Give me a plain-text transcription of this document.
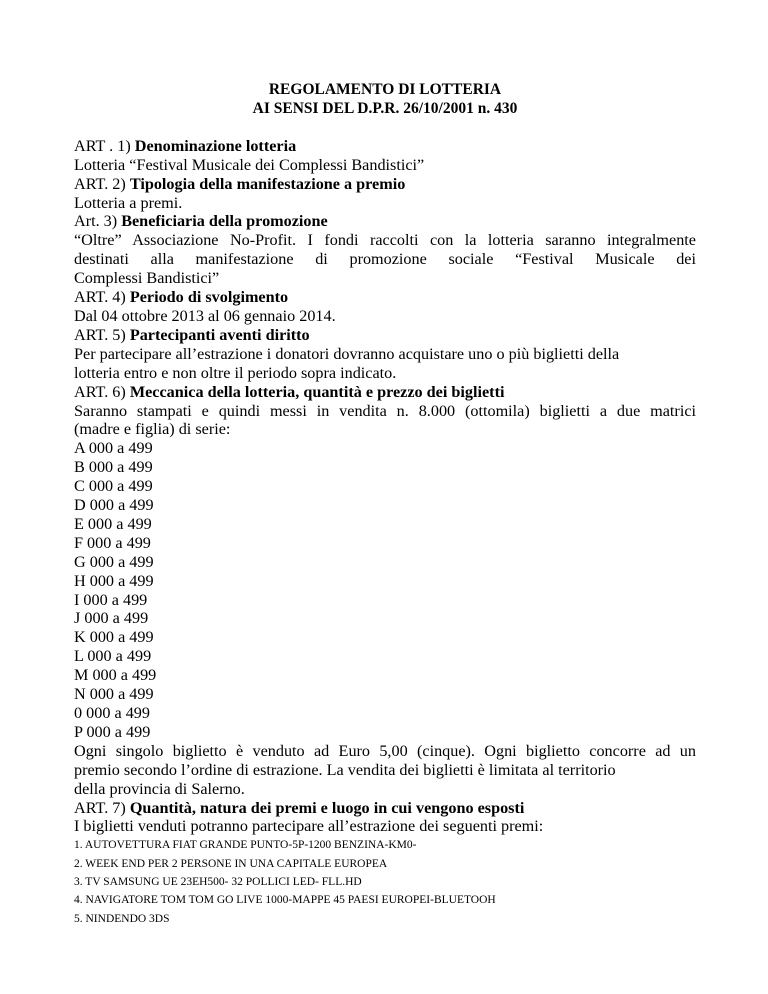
REGOLAMENTO DI LOTTERIA
AI SENSI DEL D.P.R. 26/10/2001 n. 430
ART . 1) Denominazione lotteria
Lotteria “Festival Musicale dei Complessi Bandistici”
ART. 2) Tipologia della manifestazione a premio
Lotteria a premi.
Art. 3) Beneficiaria della promozione
“Oltre” Associazione No-Profit. I fondi raccolti con la lotteria saranno integralmente
destinati alla manifestazione di promozione sociale “Festival Musicale dei
Complessi Bandistici”
ART. 4) Periodo di svolgimento
Dal 04 ottobre 2013 al 06 gennaio 2014.
ART. 5) Partecipanti aventi diritto
Per partecipare all’estrazione i donatori dovranno acquistare uno o più biglietti della
lotteria entro e non oltre il periodo sopra indicato.
ART. 6) Meccanica della lotteria, quantità e prezzo dei biglietti
Saranno stampati e quindi messi in vendita n. 8.000 (ottomila) biglietti a due matrici
(madre e figlia) di serie:
A 000 a 499
B 000 a 499
C 000 a 499
D 000 a 499
E 000 a 499
F 000 a 499
G 000 a 499
H 000 a 499
I 000 a 499
J 000 a 499
K 000 a 499
L 000 a 499
M 000 a 499
N 000 a 499
0 000 a 499
P 000 a 499
Ogni singolo biglietto è venduto ad Euro 5,00 (cinque). Ogni biglietto concorre ad un
premio secondo l’ordine di estrazione. La vendita dei biglietti è limitata al territorio
della provincia di Salerno.
ART. 7) Quantità, natura dei premi e luogo in cui vengono esposti
I biglietti venduti potranno partecipare all’estrazione dei seguenti premi:
1. AUTOVETTURA FIAT GRANDE PUNTO-5P-1200 BENZINA-KM0-
2. WEEK END PER 2 PERSONE IN UNA CAPITALE EUROPEA
3. TV SAMSUNG UE 23EH500- 32 POLLICI LED- FLL.HD
4. NAVIGATORE TOM TOM GO LIVE 1000-MAPPE 45 PAESI EUROPEI-BLUETOOH
5. NINDENDO 3DS
